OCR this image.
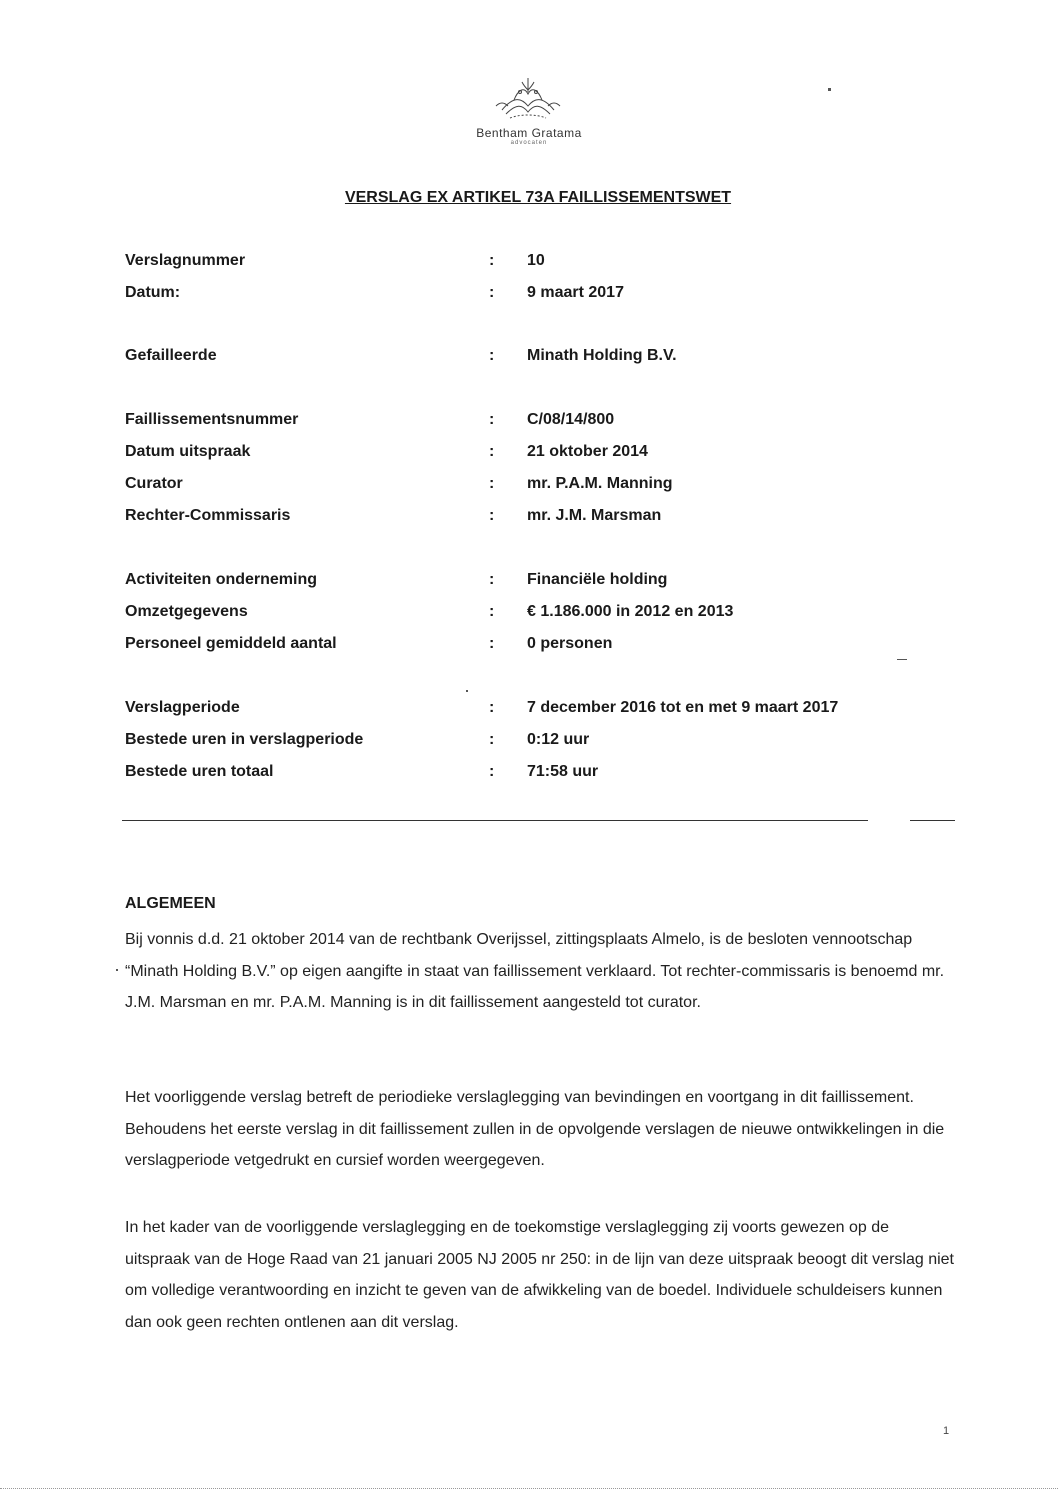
Bentham Gratama
advocaten
VERSLAG EX ARTIKEL 73A FAILLISSEMENTSWET
Verslagnummer	: 10
Datum:	: 9 maart 2017
Gefailleerde	: Minath Holding B.V.
Faillissementsnummer	: C/08/14/800
Datum uitspraak	: 21 oktober 2014
Curator	: mr. P.A.M. Manning
Rechter-Commissaris	: mr. J.M. Marsman
Activiteiten onderneming	: Financiële holding
Omzetgegevens	: € 1.186.000 in 2012 en 2013
Personeel gemiddeld aantal	: 0 personen
Verslagperiode	: 7 december 2016 tot en met 9 maart 2017
Bestede uren in verslagperiode	: 0:12 uur
Bestede uren totaal	: 71:58 uur
ALGEMEEN
Bij vonnis d.d. 21 oktober 2014 van de rechtbank Overijssel, zittingsplaats Almelo, is de besloten vennootschap “Minath Holding B.V.” op eigen aangifte in staat van faillissement verklaard. Tot rechter-commissaris is benoemd mr. J.M. Marsman en mr. P.A.M. Manning is in dit faillissement aangesteld tot curator.
Het voorliggende verslag betreft de periodieke verslaglegging van bevindingen en voortgang in dit faillissement. Behoudens het eerste verslag in dit faillissement zullen in de opvolgende verslagen de nieuwe ontwikkelingen in die verslagperiode vetgedrukt en cursief worden weergegeven.
In het kader van de voorliggende verslaglegging en de toekomstige verslaglegging zij voorts gewezen op de uitspraak van de Hoge Raad van 21 januari 2005 NJ 2005 nr 250: in de lijn van deze uitspraak beoogt dit verslag niet om volledige verantwoording en inzicht te geven van de afwikkeling van de boedel. Individuele schuldeisers kunnen dan ook geen rechten ontlenen aan dit verslag.
1
